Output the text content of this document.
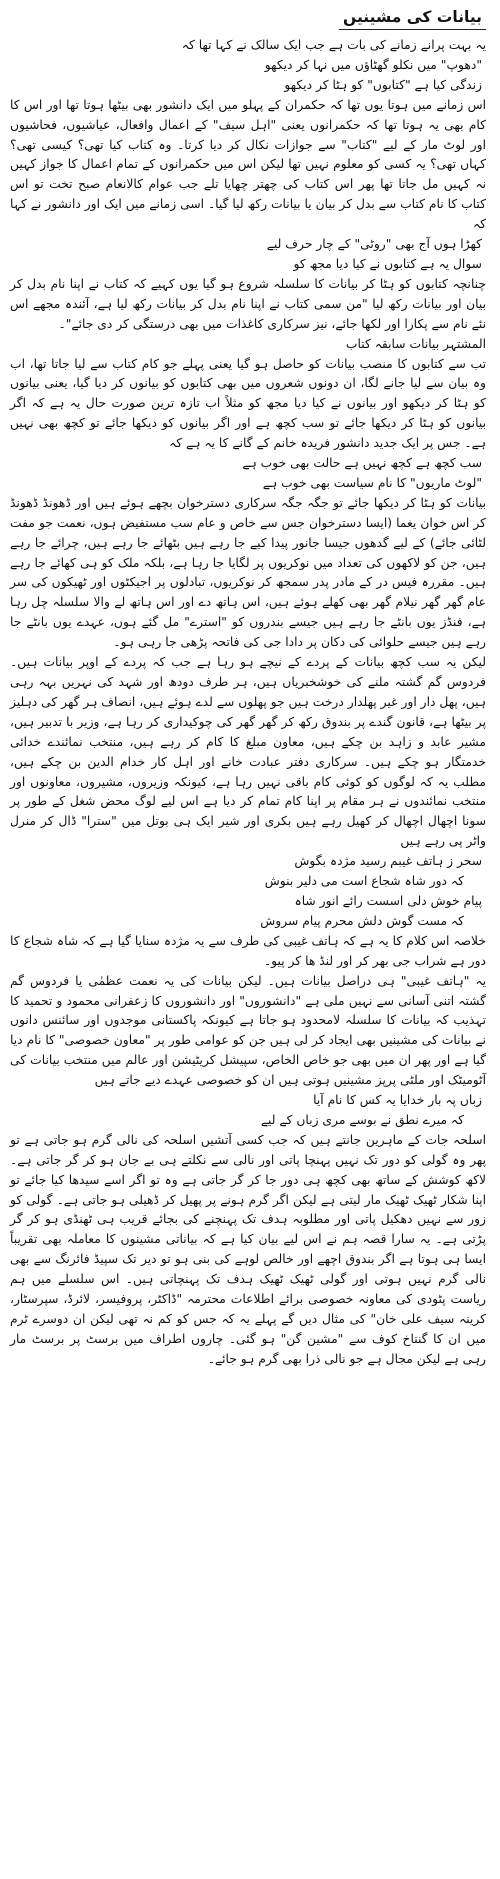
بیانات کی مشینیں

یہ بہت پرانے زمانے کی بات ہے جب ایک سالک نے کہا تھا کہ

"دھوپ" میں نکلو گھٹاؤں میں نہا کر دیکھو

زندگی کیا ہے "کتابوں" کو ہٹا کر دیکھو

اس زمانے میں ہوتا یوں تھا کہ حکمران کے پہلو میں ایک دانشور بھی بیٹھا ہوتا تھا اور اس کا کام بھی یہ ہوتا تھا کہ حکمرانوں یعنی "اہل سیف" کے اعمال وافعال، عیاشیوں، فحاشیوں اور لوٹ مار کے لیے "کتاب" سے جوازات نکال کر دیا کرتا۔ وہ کتاب کیا تھی؟ کیسی تھی؟ کہاں تھی؟ یہ کسی کو معلوم نہیں تھا لیکن اس میں حکمرانوں کے تمام اعمال کا جواز کہیں نہ کہیں مل جاتا تھا پھر اس کتاب کی چھتر چھایا تلے جب عوام کالانعام صبح تخت تو اس کتاب کا نام کتاب سے بدل کر بیان یا بیانات رکھ لیا گیا۔ اسی زمانے میں ایک اور دانشور نے کہا کہ

کھڑا ہوں آج بھی "روٹی" کے چار حرف لیے

سوال یہ ہے کتابوں نے کیا دیا مجھ کو

چنانچہ کتابوں کو ہٹا کر بیانات کا سلسلہ شروع ہو گیا یوں کہیے کہ کتاب نے اپنا نام بدل کر بیان اور بیانات رکھ لیا "من سمی کتاب نے اپنا نام بدل کر بیانات رکھ لیا ہے، آئندہ مجھے اس نئے نام سے پکارا اور لکھا جائے، نیز سرکاری کاغذات میں بھی درستگی کر دی جائے"۔

المشتہر بیانات سابقہ کتاب

تب سے کتابوں کا منصب بیانات کو حاصل ہو گیا یعنی پہلے جو کام کتاب سے لیا جاتا تھا، اب وہ بیان سے لیا جانے لگا، ان دونوں شعروں میں بھی کتابوں کو بیانوں کر دیا گیا، یعنی بیانوں کو ہٹا کر دیکھو اور بیانوں نے کیا دیا مجھ کو مثلاً اب تازہ ترین صورت حال یہ ہے کہ اگر بیانوں کو ہٹا کر دیکھا جائے تو سب کچھ ہے اور اگر بیانوں کو دیکھا جائے تو کچھ بھی نہیں ہے۔ جس پر ایک جدید دانشور فریدہ خانم کے گانے کا یہ ہے کہ

سب کچھ ہے کچھ نہیں ہے حالت بھی خوب ہے

"لوٹ ماریوں" کا نام سیاست بھی خوب ہے

بیانات کو ہٹا کر دیکھا جائے تو جگہ جگہ سرکاری دسترخوان بچھے ہوئے ہیں اور ڈھونڈ ڈھونڈ کر اس خوان یغما (ایسا دسترخوان جس سے خاص و عام سب مستفیض ہوں، نعمت جو مفت لٹائی جائے) کے لیے گدھوں جیسا جانور پیدا کیے جا رہے ہیں بٹھائے جا رہے ہیں، چرائے جا رہے ہیں، جن کو لاکھوں کی تعداد میں نوکریوں پر لگایا جا رہا ہے، بلکہ ملک کو ہی کھائے جا رہے ہیں۔ مقررہ فیس در کے مادر پدر سمجھ کر نوکریوں، تبادلوں پر اجیکٹوں اور ٹھیکوں کی سر عام گھر گھر نیلام گھر بھی کھلے ہوئے ہیں، اس ہاتھ دے اور اس ہاتھ لے والا سلسلہ چل رہا ہے، فنڈز یوں بانٹے جا رہے ہیں جیسے بندروں کو "استرے" مل گئے ہوں، عہدے یوں بانٹے جا رہے ہیں جیسے حلوائی کی دکان پر دادا جی کی فاتحہ پڑھی جا رہی ہو۔

لیکن یہ سب کچھ بیانات کے پردے کے نیچے ہو رہا ہے جب کہ پردے کے اوپر بیانات ہیں۔ فردوس گم گشتہ ملنے کی خوشخبریاں ہیں، ہر طرف دودھ اور شہد کی نہریں بہہ رہی ہیں، پھل دار اور غیر پھلدار درخت ہیں جو پھلوں سے لدے ہوئے ہیں، انصاف ہر گھر کی دہلیز پر بیٹھا ہے، قانون گندے پر بندوق رکھ کر گھر گھر کی چوکیداری کر رہا ہے، وزیر با تدبیر ہیں، مشیر عابد و زاہد بن چکے ہیں، معاون مبلغ کا کام کر رہے ہیں، منتخب نمائندے خدائی خدمتگار ہو چکے ہیں۔ سرکاری دفتر عبادت خانے اور اہل کار خدام الدین بن چکے ہیں، مطلب یہ کہ لوگوں کو کوئی کام باقی نہیں رہا ہے، کیونکہ وزیروں، مشیروں، معاونوں اور منتخب نمائندوں نے ہر مقام پر اپنا کام تمام کر دیا ہے اس لیے لوگ محض شغل کے طور پر سونا اچھال اچھال کر کھیل رہے ہیں بکری اور شیر ایک ہی بوتل میں "سترا" ڈال کر منرل واٹر پی رہے ہیں

سحر ز ہاتف غیبم رسید مژدہ بگوش

کہ دور شاہ شجاع است می دلیر بنوش

پیام خوش دلی اسست رائے انور شاہ

کہ مست گوش دلش محرم پیام سروش

خلاصہ اس کلام کا یہ ہے کہ ہاتف غیبی کی طرف سے یہ مژدہ سنایا گیا ہے کہ شاہ شجاع کا دور ہے شراب جی بھر کر اور لنڈ ھا کر پیو۔

یہ "ہاتف غیبی" ہی دراصل بیانات ہیں۔ لیکن بیانات کی یہ نعمت عظمٰی یا فردوس گم گشتہ اتنی آسانی سے نہیں ملی ہے "دانشوروں" اور دانشوروں کا زعفرانی محمود و تحمید کا تہذیب کہ بیانات کا سلسلہ لامحدود ہو جاتا ہے کیونکہ پاکستانی موجدوں اور سائنس دانوں نے بیانات کی مشینیں بھی ایجاد کر لی ہیں جن کو عوامی طور پر "معاون خصوصی" کا نام دیا گیا ہے اور پھر ان میں بھی جو خاص الخاص، سپیشل کریٹیشن اور عالم میں منتخب بیانات کی آٹومیٹک اور ملٹی پرپز مشینیں ہوتی ہیں ان کو خصوصی عہدے دیے جاتے ہیں

زباں پہ بار خدایا یہ کس کا نام آیا

کہ میرے نطق نے بوسے مری زباں کے لیے

اسلحہ جات کے ماہرین جانتے ہیں کہ جب کسی آتشیں اسلحہ کی نالی گرم ہو جاتی ہے تو پھر وہ گولی کو دور تک نہیں پہنچا پاتی اور نالی سے نکلتے ہی بے جان ہو کر گر جاتی ہے۔ لاکھ کوشش کے ساتھ بھی کچھ ہی دور جا کر گر جاتی ہے وہ تو اگر اسے سیدھا کیا جائے تو اپنا شکار ٹھیک ٹھیک مار لیتی ہے لیکن اگر گرم ہونے پر پھیل کر ڈھیلی ہو جاتی ہے۔ گولی کو زور سے نہیں دھکیل پاتی اور مطلوبہ ہدف تک پہنچنے کی بجائے قریب ہی ٹھنڈی ہو کر گر پڑتی ہے۔ یہ سارا قصہ ہم نے اس لیے بیان کیا ہے کہ بیاناتی مشینوں کا معاملہ بھی تقریباً ایسا ہی ہوتا ہے اگر بندوق اچھے اور خالص لوہے کی بنی ہو تو دیر تک سپیڈ فائرنگ سے بھی نالی گرم نہیں ہوتی اور گولی ٹھیک ٹھیک ہدف تک پہنچاتی ہیں۔ اس سلسلے میں ہم ریاست پٹودی کی معاونہ خصوصی برائے اطلاعات محترمہ "ڈاکٹر، پروفیسر، لائرڈ، سپرسٹار، کرینہ سیف علی خان" کی مثال دیں گے پہلے یہ کہ جس کو کم نہ تھی لیکن ان دوسرے ٹرم میں ان کا گنتاخ کوف سے "مشین گن" ہو گئی۔ چاروں اطراف میں برسٹ پر برسٹ مار رہی ہے لیکن مجال ہے جو نالی ذرا بھی گرم ہو جائے۔
